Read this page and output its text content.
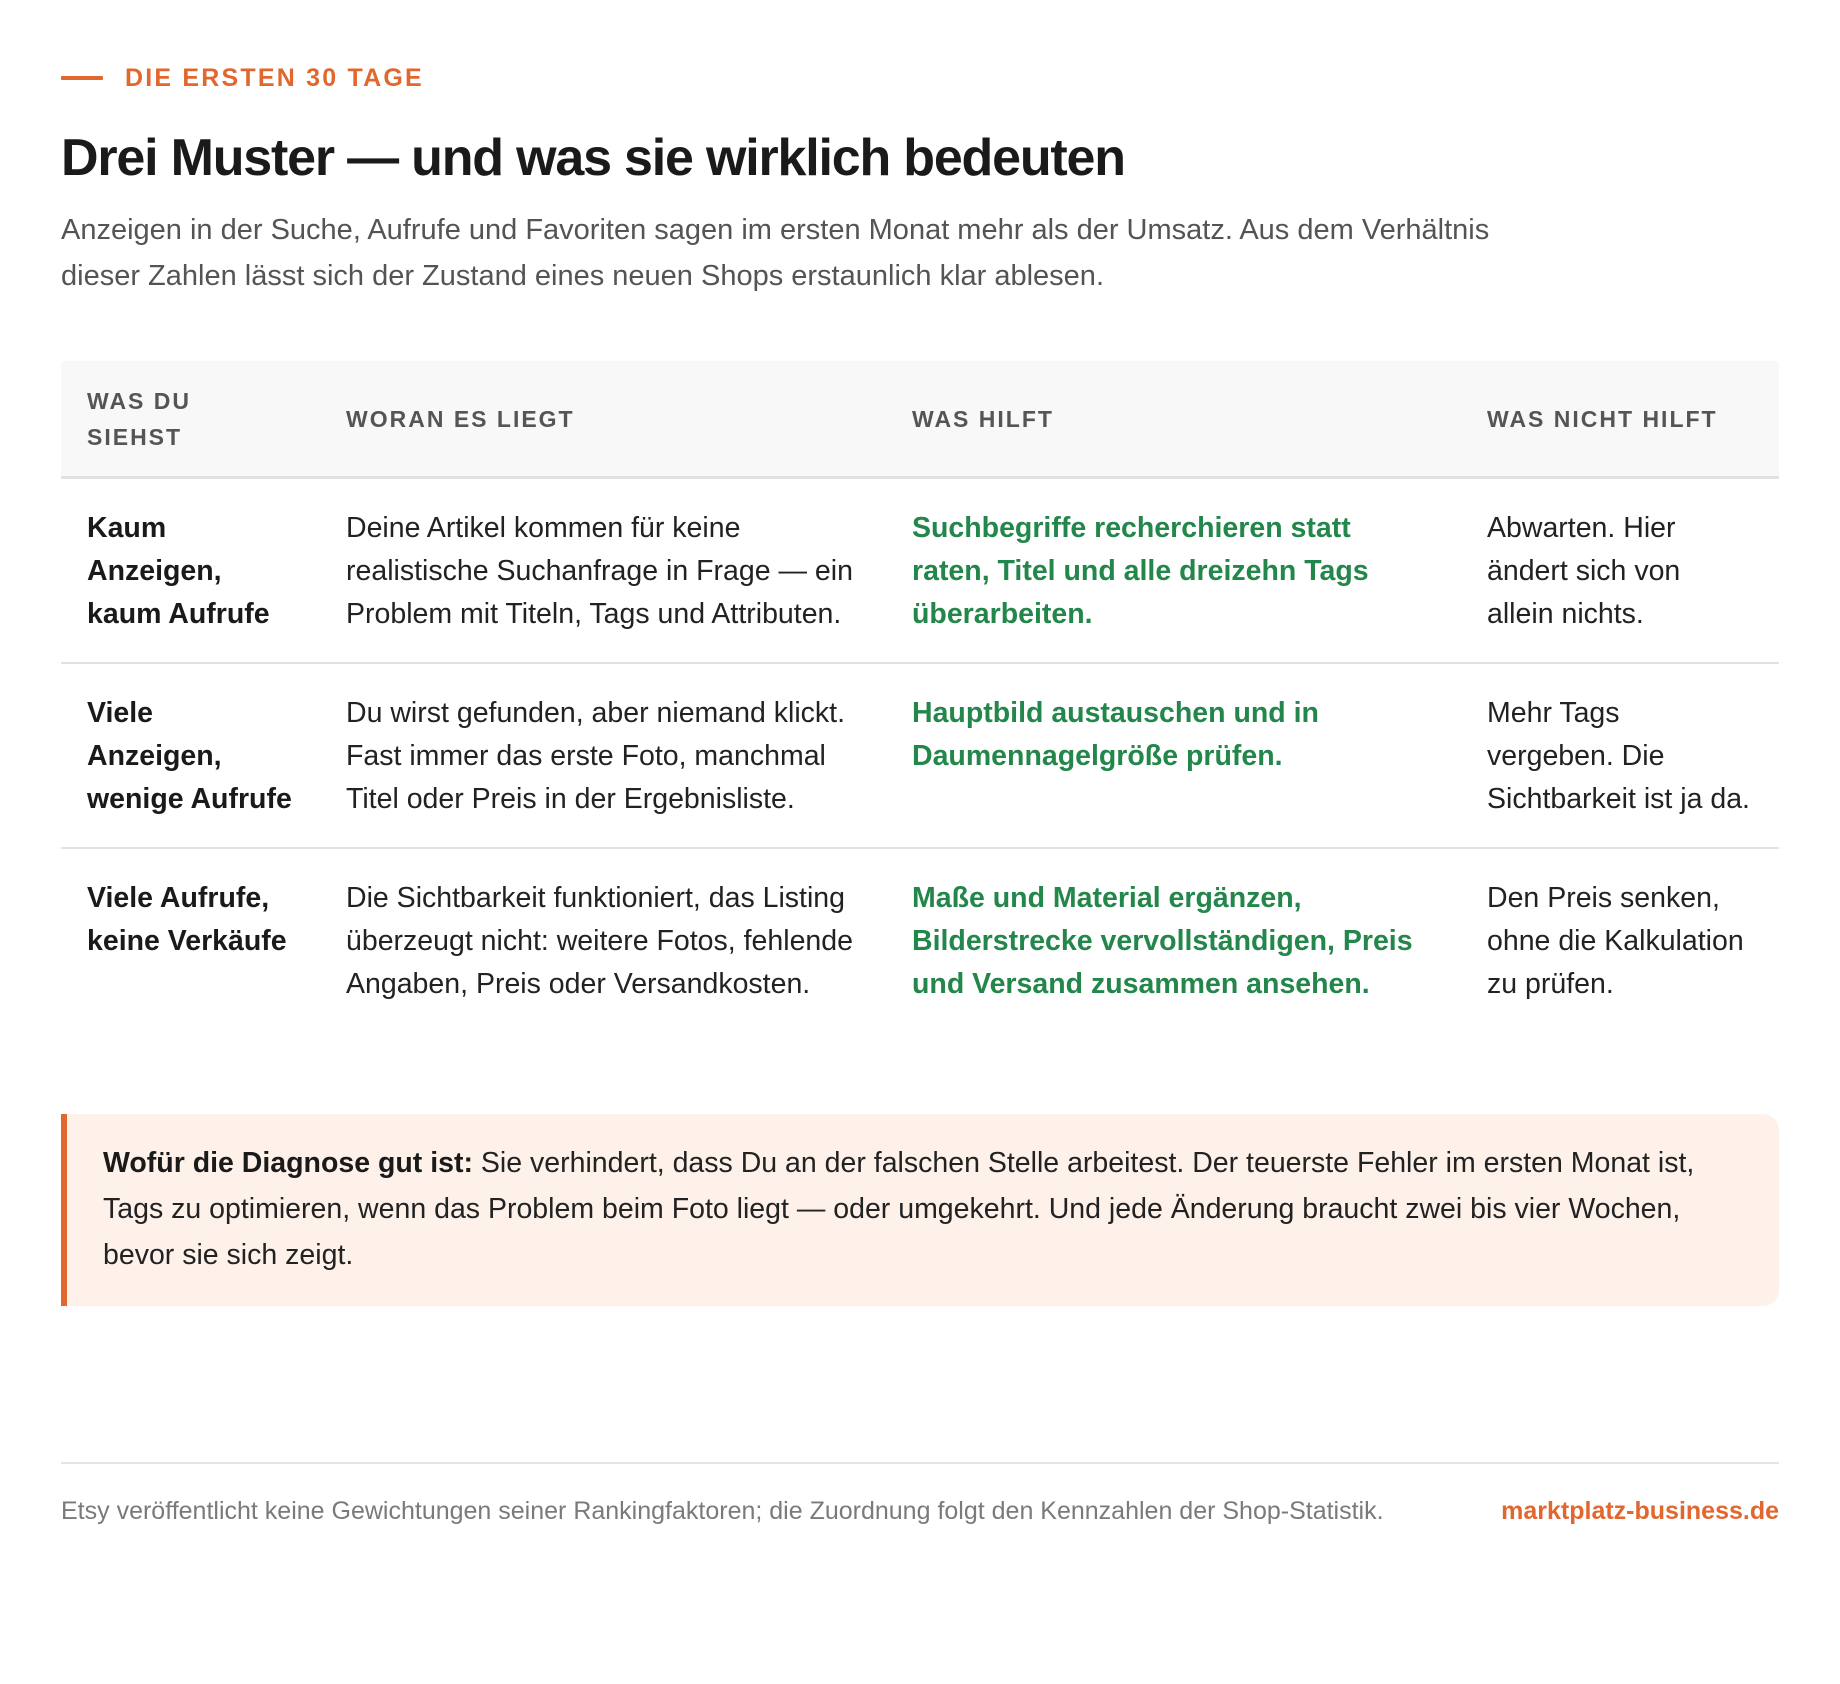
DIE ERSTEN 30 TAGE
Drei Muster — und was sie wirklich bedeuten

Anzeigen in der Suche, Aufrufe und Favoriten sagen im ersten Monat mehr als der Umsatz. Aus dem Verhältnis dieser Zahlen lässt sich der Zustand eines neuen Shops erstaunlich klar ablesen.

WAS DU SIEHST	WORAN ES LIEGT	WAS HILFT	WAS NICHT HILFT
Kaum Anzeigen, kaum Aufrufe	Deine Artikel kommen für keine realistische Suchanfrage in Frage — ein Problem mit Titeln, Tags und Attributen.	Suchbegriffe recherchieren statt raten, Titel und alle dreizehn Tags überarbeiten.	Abwarten. Hier ändert sich von allein nichts.
Viele Anzeigen, wenige Aufrufe	Du wirst gefunden, aber niemand klickt. Fast immer das erste Foto, manchmal Titel oder Preis in der Ergebnisliste.	Hauptbild austauschen und in Daumennagelgröße prüfen.	Mehr Tags vergeben. Die Sichtbarkeit ist ja da.
Viele Aufrufe, keine Verkäufe	Die Sichtbarkeit funktioniert, das Listing überzeugt nicht: weitere Fotos, fehlende Angaben, Preis oder Versandkosten.	Maße und Material ergänzen, Bilderstrecke vervollständigen, Preis und Versand zusammen ansehen.	Den Preis senken, ohne die Kalkulation zu prüfen.
Wofür die Diagnose gut ist: Sie verhindert, dass Du an der falschen Stelle arbeitest. Der teuerste Fehler im ersten Monat ist, Tags zu optimieren, wenn das Problem beim Foto liegt — oder umgekehrt. Und jede Änderung braucht zwei bis vier Wochen, bevor sie sich zeigt.
Etsy veröffentlicht keine Gewichtungen seiner Rankingfaktoren; die Zuordnung folgt den Kennzahlen der Shop-Statistik.	marktplatz-business.de
